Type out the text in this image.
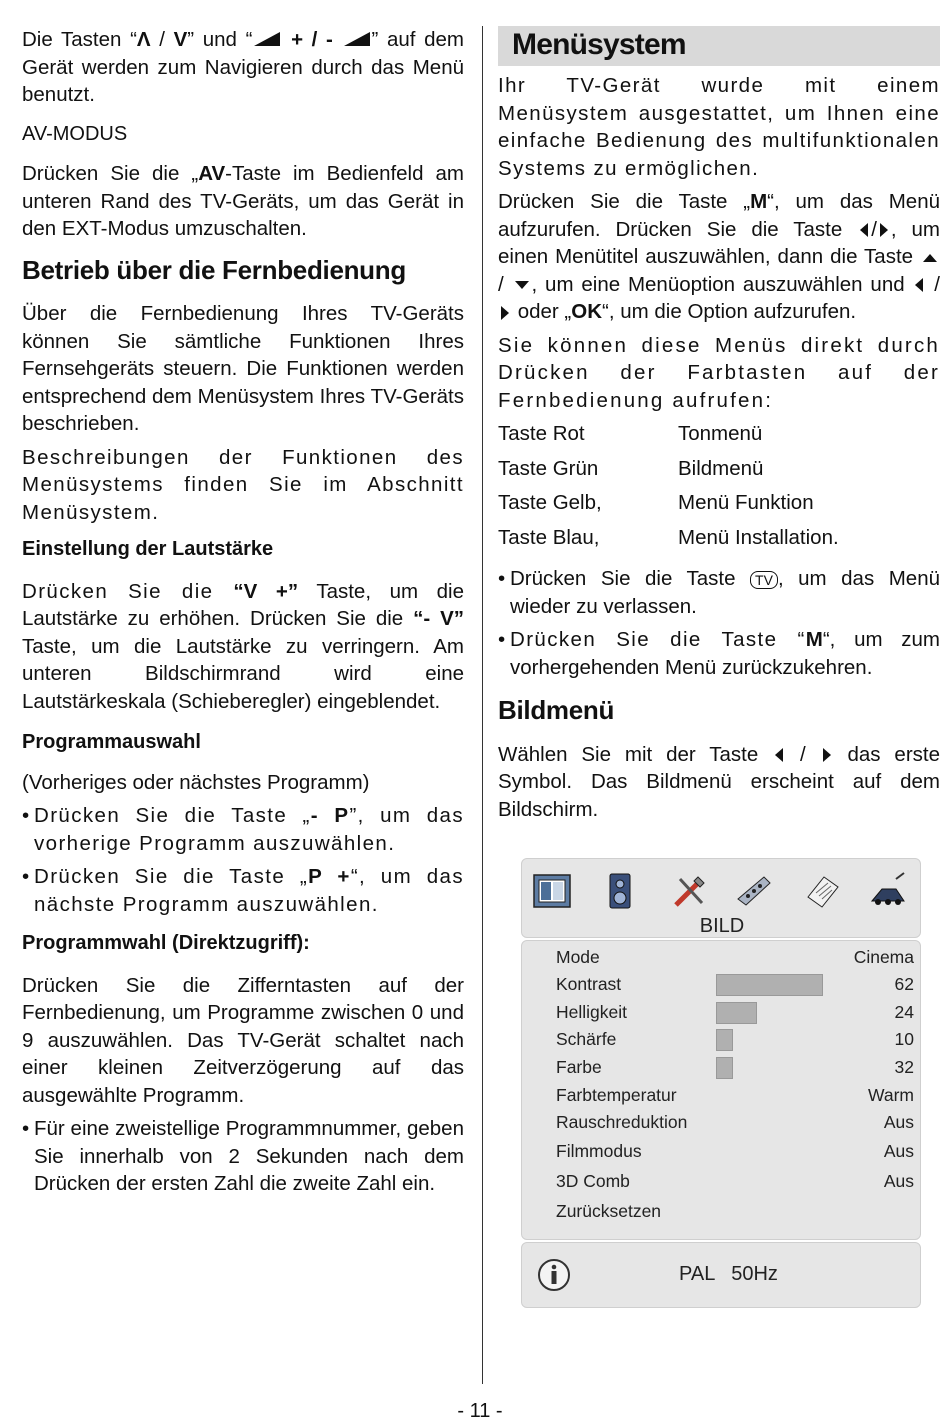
Die Tasten “Λ / V” und “ + / - ” auf dem Gerät werden zum Navigieren durch das Menü benutzt.

AV-MODUS

Drücken Sie die „AV-Taste im Bedienfeld am unteren Rand des TV-Geräts, um das Gerät in den EXT-Modus umzuschalten.

Betrieb über die Fernbedienung

Über die Fernbedienung Ihres TV-Geräts können Sie sämtliche Funktionen Ihres Fernsehgeräts steuern. Die Funktionen werden entsprechend dem Menüsystem Ihres TV-Geräts beschrieben.

Beschreibungen der Funktionen des Menüsystems finden Sie im Abschnitt Menüsystem.

Einstellung der Lautstärke

Drücken Sie die “V +” Taste, um die Lautstärke zu erhöhen. Drücken Sie die “- V” Taste, um die Lautstärke zu verringern. Am unteren Bildschirmrand wird eine Lautstärkeskala (Schieberegler) eingeblendet.

Programmauswahl

(Vorheriges oder nächstes Programm)

• Drücken Sie die Taste „- P”, um das vorherige Programm auszuwählen.
• Drücken Sie die Taste „P +“, um das nächste Programm auszuwählen.
Programmwahl (Direktzugriff):

Drücken Sie die Zifferntasten auf der Fernbedienung, um Programme zwischen 0 und 9 auszuwählen. Das TV-Gerät schaltet nach einer kleinen Zeitverzögerung auf das ausgewählte Programm.

• Für eine zweistellige Programmnummer, geben Sie innerhalb von 2 Sekunden nach dem Drücken der ersten Zahl die zweite Zahl ein.
Menüsystem

Ihr TV-Gerät wurde mit einem Menüsystem ausgestattet, um Ihnen eine einfache Bedienung des multifunktionalen Systems zu ermöglichen.

Drücken Sie die Taste „M“, um das Menü aufzurufen. Drücken Sie die Taste / , um einen Menütitel auszuwählen, dann die Taste  / , um eine Menüoption auszuwählen und  /  oder „OK“, um die Option aufzurufen.

Sie können diese Menüs direkt durch Drücken der Farbtasten auf der Fernbedienung aufrufen:

Taste Rot	Tonmenü
Taste Grün	Bildmenü
Taste Gelb,	Menü Funktion
Taste Blau,	Menü Installation.
• Drücken Sie die Taste TV , um das Menü wieder zu verlassen.
• Drücken Sie die Taste “M“, um zum vorhergehenden Menü zurückzukehren.
Bildmenü

Wählen Sie mit der Taste  /  das erste Symbol. Das Bildmenü erscheint auf dem Bildschirm.

BILD
Mode	Cinema
Kontrast	62
Helligkeit	24
Schärfe	10
Farbe	32
Farbtemperatur	Warm
Rauschreduktion	Aus
Filmmodus	Aus
3D Comb	Aus
Zurücksetzen
PAL   50Hz
- 11 -
